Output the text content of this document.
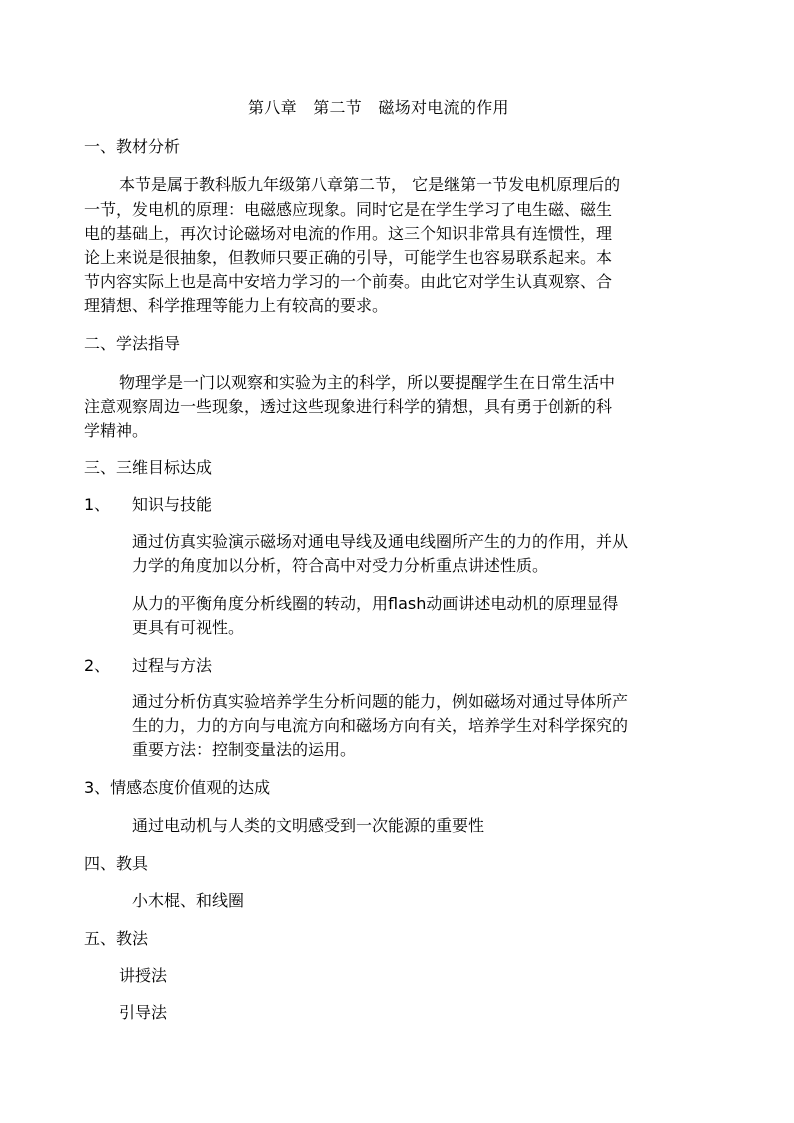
第八章　第二节　磁场对电流的作用
一、教材分析
本节是属于教科版九年级第八章第二节， 它是继第一节发电机原理后的
一节，发电机的原理：电磁感应现象。同时它是在学生学习了电生磁、磁生
电的基础上，再次讨论磁场对电流的作用。这三个知识非常具有连惯性，理
论上来说是很抽象，但教师只要正确的引导，可能学生也容易联系起来。本
节内容实际上也是高中安培力学习的一个前奏。由此它对学生认真观察、合
理猜想、科学推理等能力上有较高的要求。
二、学法指导
物理学是一门以观察和实验为主的科学，所以要提醒学生在日常生活中
注意观察周边一些现象，透过这些现象进行科学的猜想，具有勇于创新的科
学精神。
三、三维目标达成
1、 知识与技能
通过仿真实验演示磁场对通电导线及通电线圈所产生的力的作用，并从
力学的角度加以分析，符合高中对受力分析重点讲述性质。
从力的平衡角度分析线圈的转动，用flash动画讲述电动机的原理显得
更具有可视性。
2、 过程与方法
通过分析仿真实验培养学生分析问题的能力，例如磁场对通过导体所产
生的力，力的方向与电流方向和磁场方向有关，培养学生对科学探究的
重要方法：控制变量法的运用。
3、情感态度价值观的达成
通过电动机与人类的文明感受到一次能源的重要性
四、教具
小木棍、和线圈
五、教法
讲授法
引导法
